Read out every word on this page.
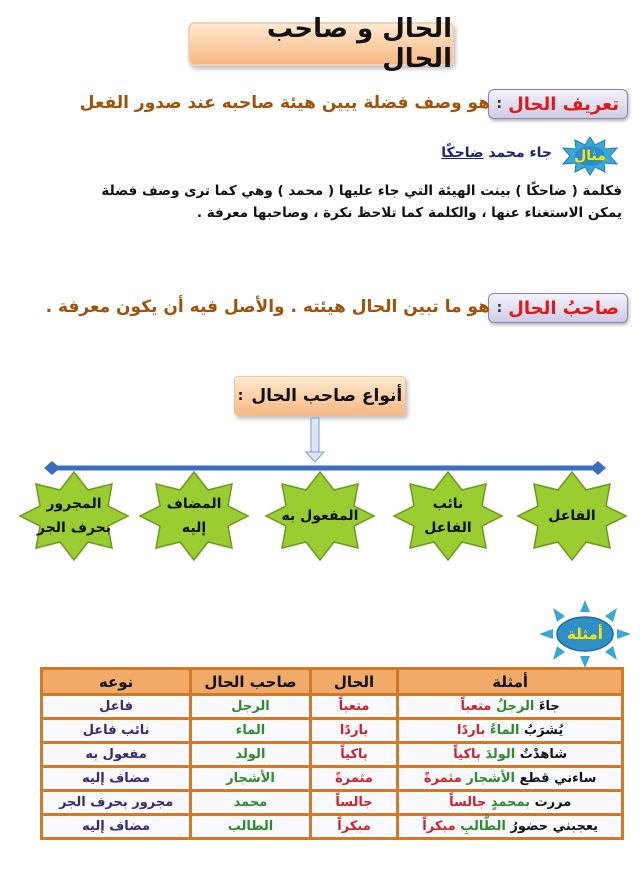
الحال و صاحب الحال
تعريف الحال
:
هو وصف فضلة يبين هيئة صاحبه عند صدور الفعل
مثال
جاء محمد ضاحكًا
فكلمة ( ضاحكًا ) بينت الهيئة التي جاء عليها ( محمد ) وهي كما ترى وصف فضلة
يمكن الاستغناء عنها ، والكلمة كما تلاحظ نكرة ، وصاحبها معرفة .
صاحبُ الحال
:
هو ما تبين الحال هيئته . والأصل فيه أن يكون معرفة .
أنواع صاحب الحال
:
الفاعل
نائب
الفاعل
المفعول به
المضاف
إليه
المجرور
بحرف الجر
أمثلة
أمثلة	الحال	صاحب الحال	نوعه
جاءَ الرجلُ متعباً	متعباً	الرجل	فاعل
يُشرَبُ الماءُ باردًا	باردًا	الماء	نائب فاعل
شاهدْتُ الولدَ باكياً	باكياً	الولد	مفعول به
ساءني قطع الأشجار مثمرةً	مثمرةً	الأشجار	مضاف إليه
مررت بمحمدٍ جالساً	جالساً	محمد	مجرور بحرف الجر
يعجبني حضورُ الطَّالبِ مبكراً	مبكراً	الطالب	مضاف إليه
